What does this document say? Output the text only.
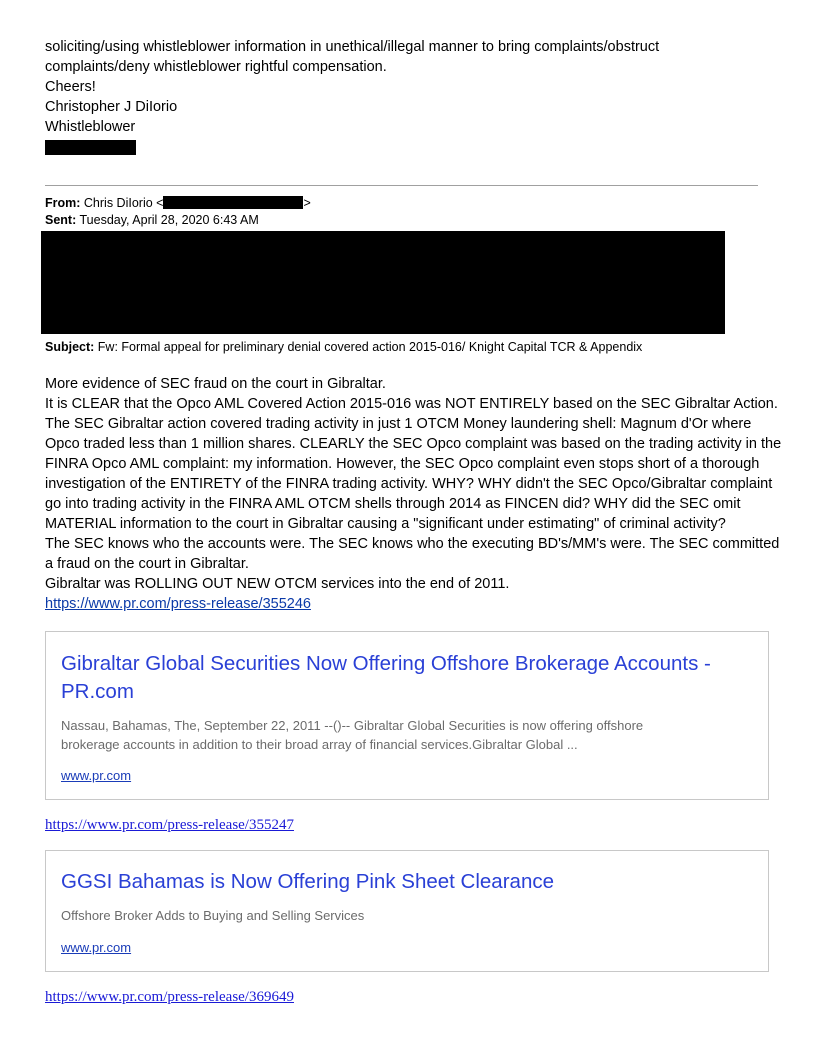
soliciting/using whistleblower information in unethical/illegal manner to bring complaints/obstruct
complaints/deny whistleblower rightful compensation.
Cheers!
Christopher J DiIorio
Whistleblower
From: Chris DiIorio <	>
Sent: Tuesday, April 28, 2020 6:43 AM
Subject: Fw: Formal appeal for preliminary denial covered action 2015-016/ Knight Capital TCR & Appendix
More evidence of SEC fraud on the court in Gibraltar.
It is CLEAR that the Opco AML Covered Action 2015-016 was NOT ENTIRELY based on the SEC Gibraltar Action.
The SEC Gibraltar action covered trading activity in just 1 OTCM Money laundering shell: Magnum d'Or where
Opco traded less than 1 million shares. CLEARLY the SEC Opco complaint was based on the trading activity in the
FINRA Opco AML complaint: my information. However, the SEC Opco complaint even stops short of a thorough
investigation of the ENTIRETY of the FINRA trading activity. WHY? WHY didn't the SEC Opco/Gibraltar complaint
go into trading activity in the FINRA AML OTCM shells through 2014 as FINCEN did? WHY did the SEC omit
MATERIAL information to the court in Gibraltar causing a "significant under estimating" of criminal activity?
The SEC knows who the accounts were. The SEC knows who the executing BD's/MM's were. The SEC committed
a fraud on the court in Gibraltar.
Gibraltar was ROLLING OUT NEW OTCM services into the end of 2011.
https://www.pr.com/press-release/355246
Gibraltar Global Securities Now Offering Offshore Brokerage Accounts -
PR.com
Nassau, Bahamas, The, September 22, 2011 --()-- Gibraltar Global Securities is now offering offshore
brokerage accounts in addition to their broad array of financial services.Gibraltar Global ...
www.pr.com
https://www.pr.com/press-release/355247
GGSI Bahamas is Now Offering Pink Sheet Clearance
Offshore Broker Adds to Buying and Selling Services
www.pr.com
https://www.pr.com/press-release/369649
